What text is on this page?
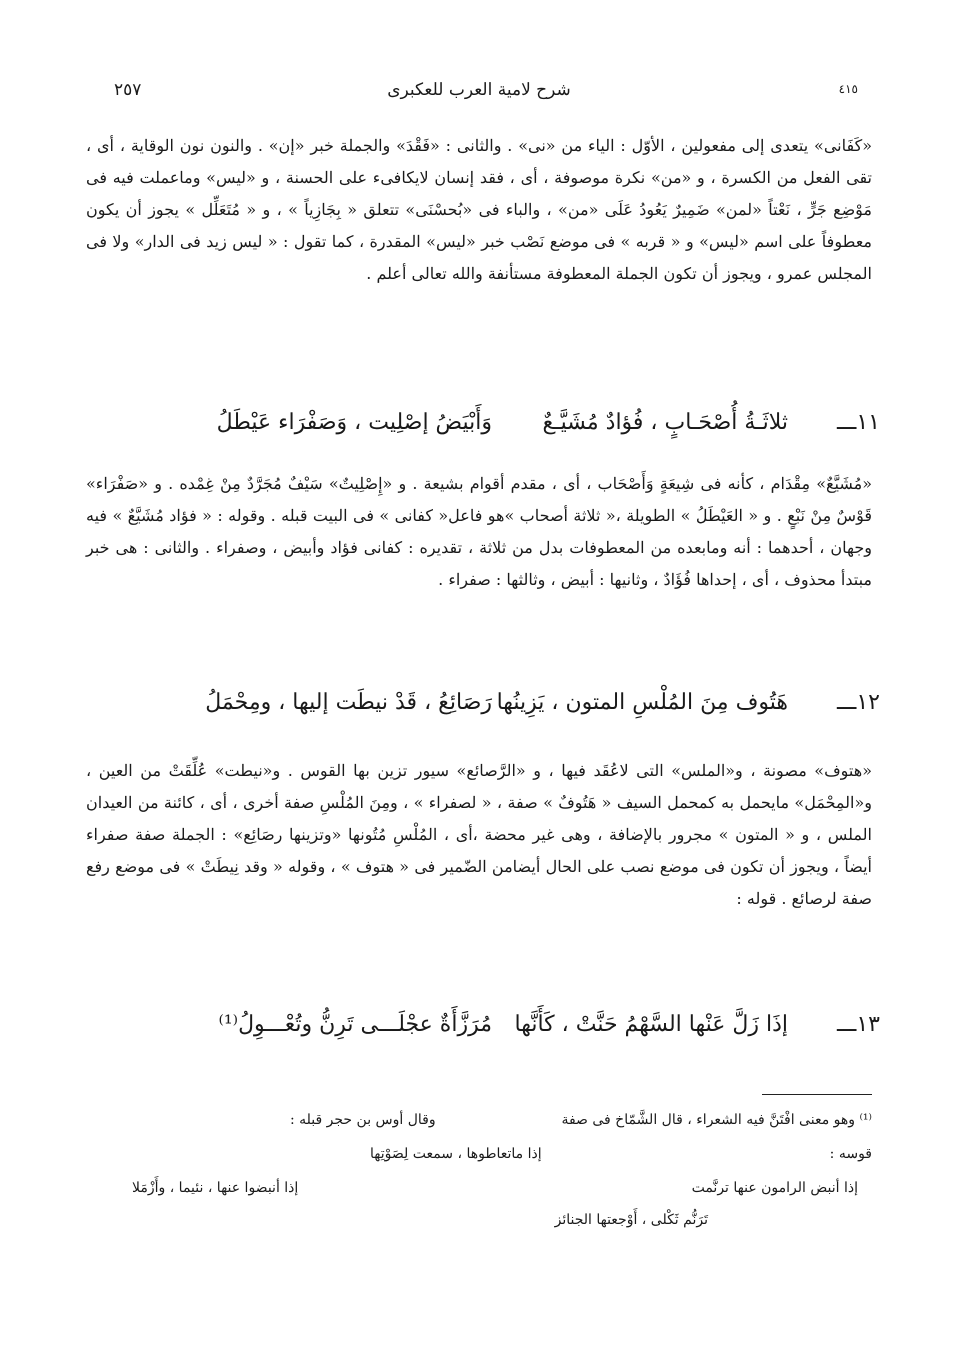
٢٥٧	شرح لامية العرب للعكبرى	٤١٥

«كَفَانى» يتعدى إلى مفعولين ، الأوّل : الياء من «نى» . والثانى : «فَقْدَ» والجملة خبر «إن» . والنون نون الوقاية ، أى ، تقى الفعل من الكسرة ، و «من» نكرة موصوفة ، أى ، فقد إنسان لايكافىء على الحسنة ، و «ليس» وماعملت فيه فى مَوْضِع جَرٍّ ، نَعْتاً «لمن» ضَمِيرٌ يَعُودُ عَلَى «من» ، والباء فى «بُحسْنَى» تتعلق « بِجَازِياً » ، و « مُتَعَلِّل » يجوز أن يكون معطوفاً على اسم «ليس» و « قربه » فى موضع نَصْب خبر «ليس» المقدرة ، كما تقول : « ليس زيد فى الدار» ولا فى المجلس عمرو ، ويجوز أن تكون الجملة المعطوفة مستأنفة والله تعالى أعلم .

١١ـــ
ثلاثَـةُ أُصْحَـابٍ ، فُؤادٌ مُشَيَّـعٌ
وَأَبْيَضُ إصْلِيت ، وَصَفْرَاء عَيْطَلُ

«مُشَيَّعٌ» مِقْدَام ، كأنه فى شِيعَةٍ وَأَصْحَاب ، أى ، مقدم أقوام بشيعة . و «إِصْلِيتٌ» سَيْفٌ مُجَرَّدٌ مِنْ غِمْده . و «صَفْرَاء» قَوْسٌ مِنْ نَبْعٍ . و « العَيْطَلُ » الطويلة ،« ثلاثة أصحاب »هو فاعل« كفانى » فى البيت قبله . وقوله : « فؤاد مُشَيَّعٌ » فيه وجهان ، أحدهما : أنه ومابعده من المعطوفات بدل من ثلاثة ، تقديره : كفانى فؤاد وأبيض ، وصفراء . والثانى : هى خبر مبتدأ محذوف ، أى ، إحداها فُؤَادٌ ، وثانيها : أبيض ، وثالثها : صفراء .

١٢ـــ
هَتُوف مِنَ المُلْسِ المتون ، يَزِينُها
رَصَائِعُ ، قَدْ نيطَت إليها ، ومِحْمَلُ

«هتوف» مصونة ، و«الملس» التى لاعُقَد فيها ، و «الرَّصائع» سيور تزين بها القوس . و«نيطت» عُلِّقَتْ من العين ، و«المِحْمَل» مايحمل به كمحمل السيف « هَتُوفٌ » صفة ، « لصفراء » ، ومِنَ المُلْسِ صفة أخرى ، أى ، كائنة من العيدان الملس ، و « المتون » مجرور بالإضافة ، وهى غير محضة ،أى ، المُلْسِ مُتُونها «وتزينها رصَائِع» : الجملة صفة صفراء أيضاً ، ويجوز أن تكون فى موضع نصب على الحال أيضامن الضّمير فى « هتوف » ، وقوله « وقد نِيطَتْ » فى موضع رفع صفة لرصائع . قوله :

١٣ـــ
إذَا زَلَّ عَنْها السَّهْمُ حَنَّتْ ، كَأَنَّها
مُرَزَّأَةٌ عجْلَـــى تَرِنُّ وتُعْـــوِلُ⁽¹⁾
⁽¹⁾ وهو معنى افْتَنَّ فيه الشعراء ، قال الشَّمّاخ فى صفة
وقال أوس بن حجر قبله :
قوسه :
إذا ماتعاطوها ، سمعت لِصَوْتِها
إذا أنبض الرامون عنها ترنَّمت
إذا أنبضوا عنها ، نئيما ، وأَزْمَلا
تَرَنُّم ثَكْلى ، أَوْجعتها الجنائز
